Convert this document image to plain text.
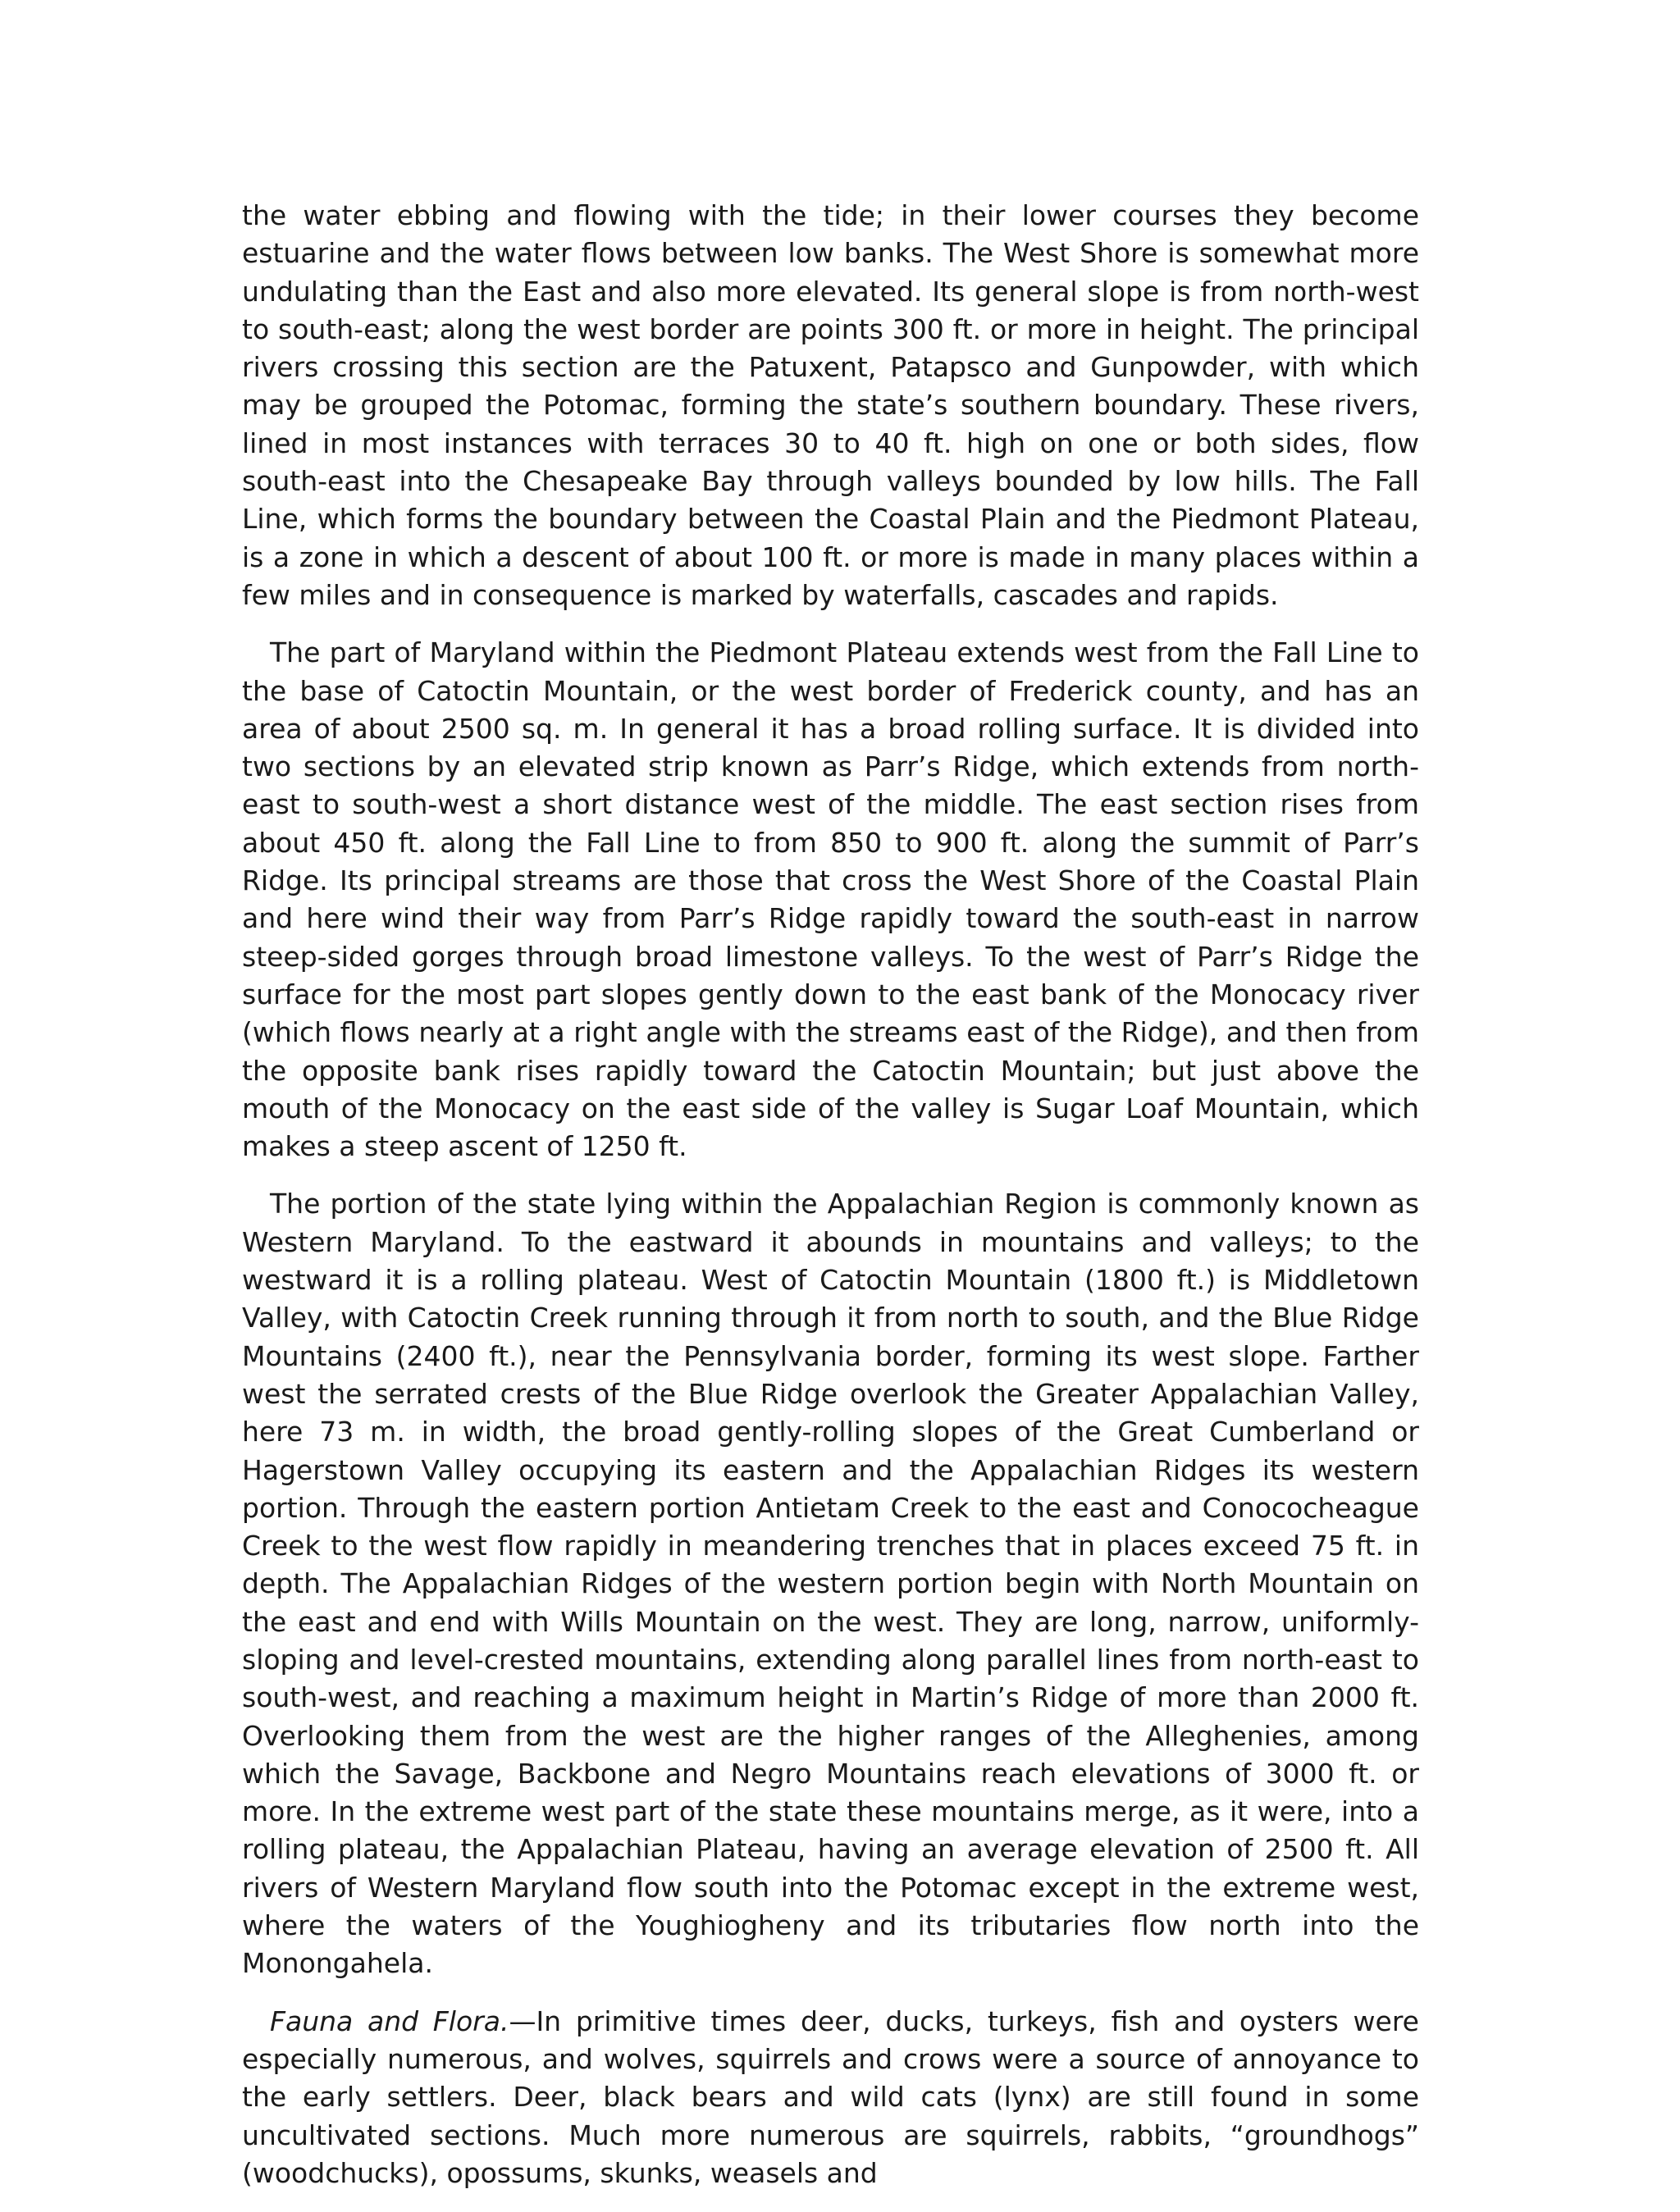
the water ebbing and flowing with the tide; in their lower courses they become estuarine and the water flows between low banks. The West Shore is somewhat more undulating than the East and also more elevated. Its general slope is from north-west to south-east; along the west border are points 300 ft. or more in height. The principal rivers crossing this section are the Patuxent, Patapsco and Gunpowder, with which may be grouped the Potomac, forming the state’s southern boundary. These rivers, lined in most instances with terraces 30 to 40 ft. high on one or both sides, flow south-east into the Chesapeake Bay through valleys bounded by low hills. The Fall Line, which forms the boundary between the Coastal Plain and the Piedmont Plateau, is a zone in which a descent of about 100 ft. or more is made in many places within a few miles and in consequence is marked by waterfalls, cascades and rapids.

The part of Maryland within the Piedmont Plateau extends west from the Fall Line to the base of Catoctin Mountain, or the west border of Frederick county, and has an area of about 2500 sq. m. In general it has a broad rolling surface. It is divided into two sections by an elevated strip known as Parr’s Ridge, which extends from north-east to south-west a short distance west of the middle. The east section rises from about 450 ft. along the Fall Line to from 850 to 900 ft. along the summit of Parr’s Ridge. Its principal streams are those that cross the West Shore of the Coastal Plain and here wind their way from Parr’s Ridge rapidly toward the south-east in narrow steep-sided gorges through broad limestone valleys. To the west of Parr’s Ridge the surface for the most part slopes gently down to the east bank of the Monocacy river (which flows nearly at a right angle with the streams east of the Ridge), and then from the opposite bank rises rapidly toward the Catoctin Mountain; but just above the mouth of the Monocacy on the east side of the valley is Sugar Loaf Mountain, which makes a steep ascent of 1250 ft.

The portion of the state lying within the Appalachian Region is commonly known as Western Maryland. To the eastward it abounds in mountains and valleys; to the westward it is a rolling plateau. West of Catoctin Mountain (1800 ft.) is Middletown Valley, with Catoctin Creek running through it from north to south, and the Blue Ridge Mountains (2400 ft.), near the Pennsylvania border, forming its west slope. Farther west the serrated crests of the Blue Ridge overlook the Greater Appalachian Valley, here 73 m. in width, the broad gently-rolling slopes of the Great Cumberland or Hagerstown Valley occupying its eastern and the Appalachian Ridges its western portion. Through the eastern portion Antietam Creek to the east and Conococheague Creek to the west flow rapidly in meandering trenches that in places exceed 75 ft. in depth. The Appalachian Ridges of the western portion begin with North Mountain on the east and end with Wills Mountain on the west. They are long, narrow, uniformly-sloping and level-crested mountains, extending along parallel lines from north-east to south-west, and reaching a maximum height in Martin’s Ridge of more than 2000 ft. Overlooking them from the west are the higher ranges of the Alleghenies, among which the Savage, Backbone and Negro Mountains reach elevations of 3000 ft. or more. In the extreme west part of the state these mountains merge, as it were, into a rolling plateau, the Appalachian Plateau, having an average elevation of 2500 ft. All rivers of Western Maryland flow south into the Potomac except in the extreme west, where the waters of the Youghiogheny and its tributaries flow north into the Monongahela.

Fauna and Flora.—In primitive times deer, ducks, turkeys, fish and oysters were especially numerous, and wolves, squirrels and crows were a source of annoyance to the early settlers. Deer, black bears and wild cats (lynx) are still found in some uncultivated sections. Much more numerous are squirrels, rabbits, “groundhogs” (woodchucks), opossums, skunks, weasels and
